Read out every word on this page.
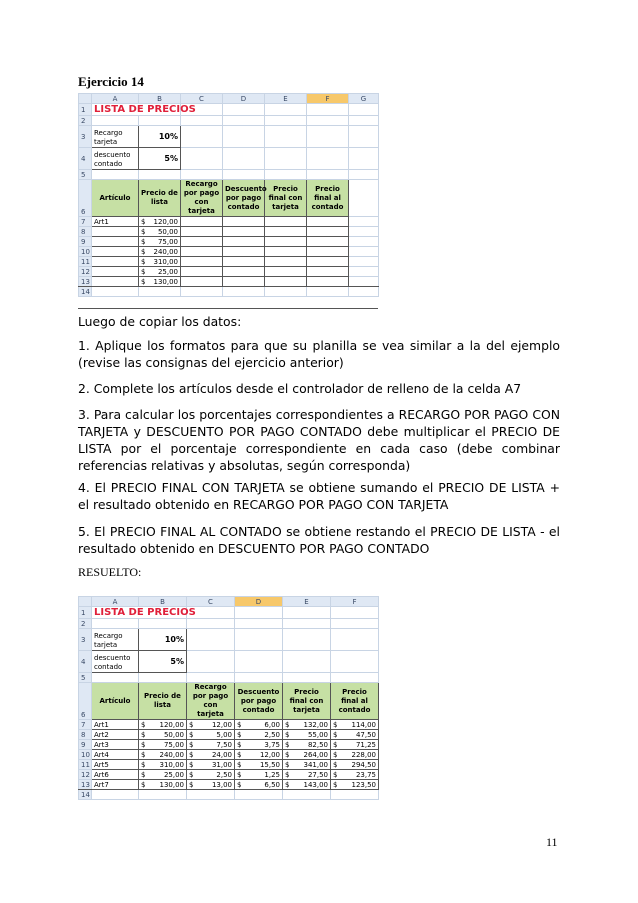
Ejercicio 14
	A	B	C	D	E	F	G
1	LISTA DE PRECIOS						
2							
3	Recargo tarjeta	10%					
4	descuento contado	5%					
5							
6	Artículo	Precio de lista	Recargo por pago con tarjeta	Descuento por pago contado	Precio final con tarjeta	Precio final al contado	
7	Art1	$ 120,00					

8		$ 50,00					

9		$ 75,00					

10		$ 240,00					

11		$ 310,00					

12		$ 25,00					

13		$ 130,00					

14							
Luego de copiar los datos:
1. Aplique los formatos para que su planilla se vea similar a la del ejemplo (revise las consignas del ejercicio anterior)
2. Complete los artículos desde el controlador de relleno de la celda A7
3. Para calcular los porcentajes correspondientes a RECARGO POR PAGO CON TARJETA y DESCUENTO POR PAGO CONTADO debe multiplicar el PRECIO DE LISTA por el porcentaje correspondiente en cada caso (debe combinar referencias relativas y absolutas, según corresponda)
4. El PRECIO FINAL CON TARJETA se obtiene sumando el PRECIO DE LISTA + el resultado obtenido en RECARGO POR PAGO CON TARJETA
5. El PRECIO FINAL AL CONTADO se obtiene restando el PRECIO DE LISTA - el resultado obtenido en DESCUENTO POR PAGO CONTADO
RESUELTO:
	A	B	C	D	E	F
1	LISTA DE PRECIOS					
2						
3	Recargo tarjeta	10%				
4	descuento contado	5%				
5						
6	Artículo	Precio de lista	Recargo por pago con tarjeta	Descuento por pago contado	Precio final con tarjeta	Precio final al contado
7	Art1	$ 120,00	$ 12,00	$ 6,00	$ 132,00	$ 114,00

8	Art2	$ 50,00	$ 5,00	$ 2,50	$ 55,00	$ 47,50

9	Art3	$ 75,00	$ 7,50	$ 3,75	$ 82,50	$ 71,25

10	Art4	$ 240,00	$ 24,00	$ 12,00	$ 264,00	$ 228,00

11	Art5	$ 310,00	$ 31,00	$ 15,50	$ 341,00	$ 294,50

12	Art6	$ 25,00	$ 2,50	$ 1,25	$ 27,50	$ 23,75

13	Art7	$ 130,00	$ 13,00	$ 6,50	$ 143,00	$ 123,50

14						
11
